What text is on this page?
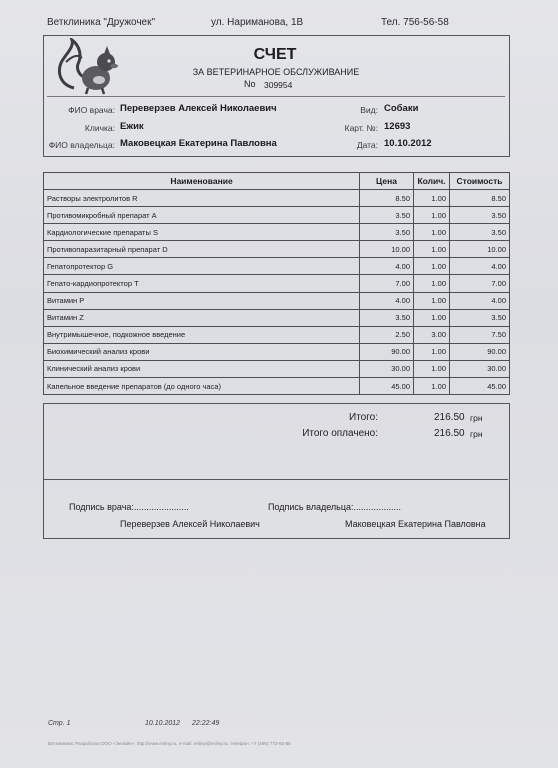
Ветклиника "Дружочек"	ул. Нариманова, 1В	Тел. 756-56-58
СЧЕТ
ЗА ВЕТЕРИНАРНОЕ ОБСЛУЖИВАНИЕ
No 309954
ФИО врача: Переверзев Алексей Николаевич
Кличка: Ежик
ФИО владельца: Маковецкая Екатерина Павловна
Вид: Собаки
Карт. №: 12693
Дата: 10.10.2012
Наименование	Цена	Колич.	Стоимость
Растворы электролитов R	8.50	1.00	8.50
Противомикробный препарат A	3.50	1.00	3.50
Кардиологические препараты S	3.50	1.00	3.50
Противопаразитарный препарат D	10.00	1.00	10.00
Гепатопротектор G	4.00	1.00	4.00
Гепато-кардиопротектор T	7.00	1.00	7.00
Витамин P	4.00	1.00	4.00
Витамин Z	3.50	1.00	3.50
Внутримышечное, подкожное введение	2.50	3.00	7.50
Биохимический анализ крови	90.00	1.00	90.00
Клинический анализ крови	30.00	1.00	30.00
Капельное введение препаратов (до одного часа)	45.00	1.00	45.00
Итого:	216.50 грн
Итого оплачено:	216.50 грн
Подпись врача:......................	Подпись владельца:...................
Переверзев Алексей Николаевич	Маковецкая Екатерина Павловна
Стр. 1	10.10.2012 22:22:49
Ветклиника: Разработка ООО «Энлайн», http://www.enliny.ru, e-mail: enliny@enliny.ru, телефон: +7 (495) 772-93-86
